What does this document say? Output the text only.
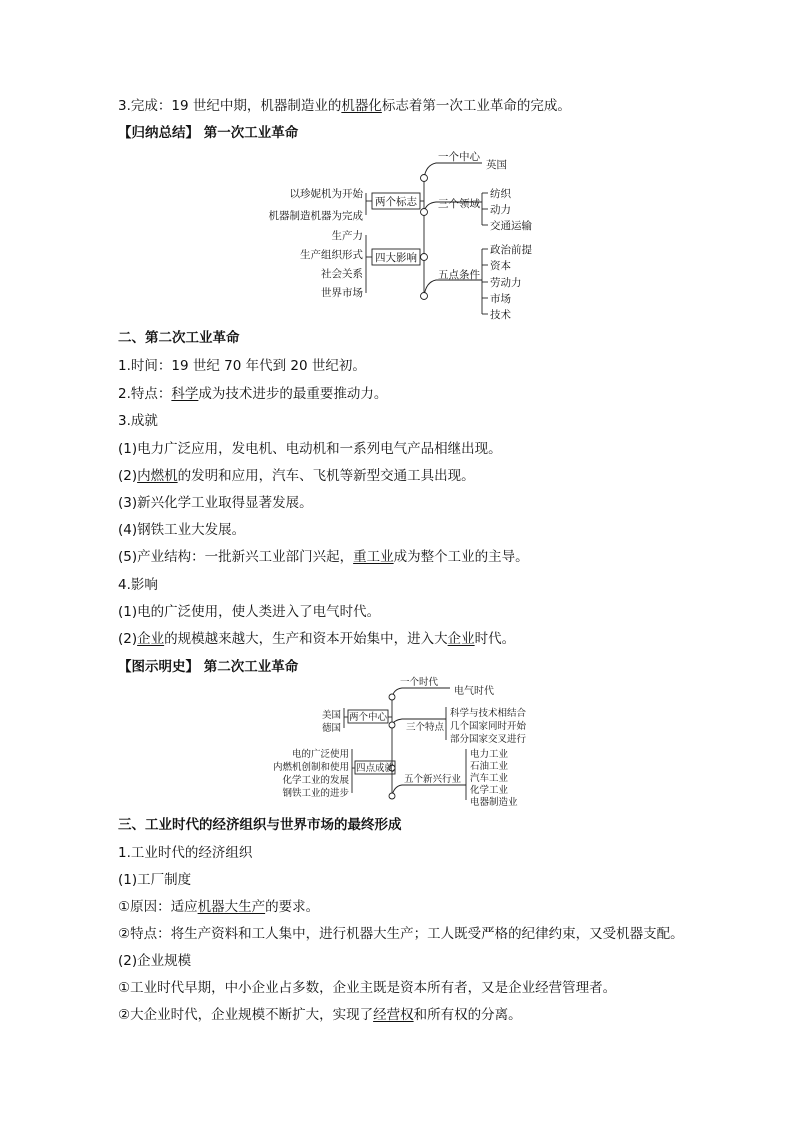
3.完成：19 世纪中期，机器制造业的机器化标志着第一次工业革命的完成。
【归纳总结】 第一次工业革命
以珍妮机为开始
机器制造机器为完成
两个标志
生产力
生产组织形式
社会关系
世界市场
四大影响
一个中心
英国
三个领域
纺织
动力
交通运输
五点条件
政治前提
资本
劳动力
市场
技术
二、第二次工业革命
1.时间：19 世纪 70 年代到 20 世纪初。
2.特点：科学成为技术进步的最重要推动力。
3.成就
(1)电力广泛应用，发电机、电动机和一系列电气产品相继出现。
(2)内燃机的发明和应用，汽车、飞机等新型交通工具出现。
(3)新兴化学工业取得显著发展。
(4)钢铁工业大发展。
(5)产业结构：一批新兴工业部门兴起，重工业成为整个工业的主导。
4.影响
(1)电的广泛使用，使人类进入了电气时代。
(2)企业的规模越来越大，生产和资本开始集中，进入大企业时代。
【图示明史】 第二次工业革命
一个时代
电气时代
美国
德国
两个中心
三个特点
科学与技术相结合
几个国家同时开始
部分国家交叉进行
电的广泛使用
内燃机创制和使用
化学工业的发展
钢铁工业的进步
四点成就
五个新兴行业
电力工业
石油工业
汽车工业
化学工业
电器制造业
三、工业时代的经济组织与世界市场的最终形成
1.工业时代的经济组织
(1)工厂制度
①原因：适应机器大生产的要求。
②特点：将生产资料和工人集中，进行机器大生产；工人既受严格的纪律约束，又受机器支配。
(2)企业规模
①工业时代早期，中小企业占多数，企业主既是资本所有者，又是企业经营管理者。
②大企业时代，企业规模不断扩大，实现了经营权和所有权的分离。
